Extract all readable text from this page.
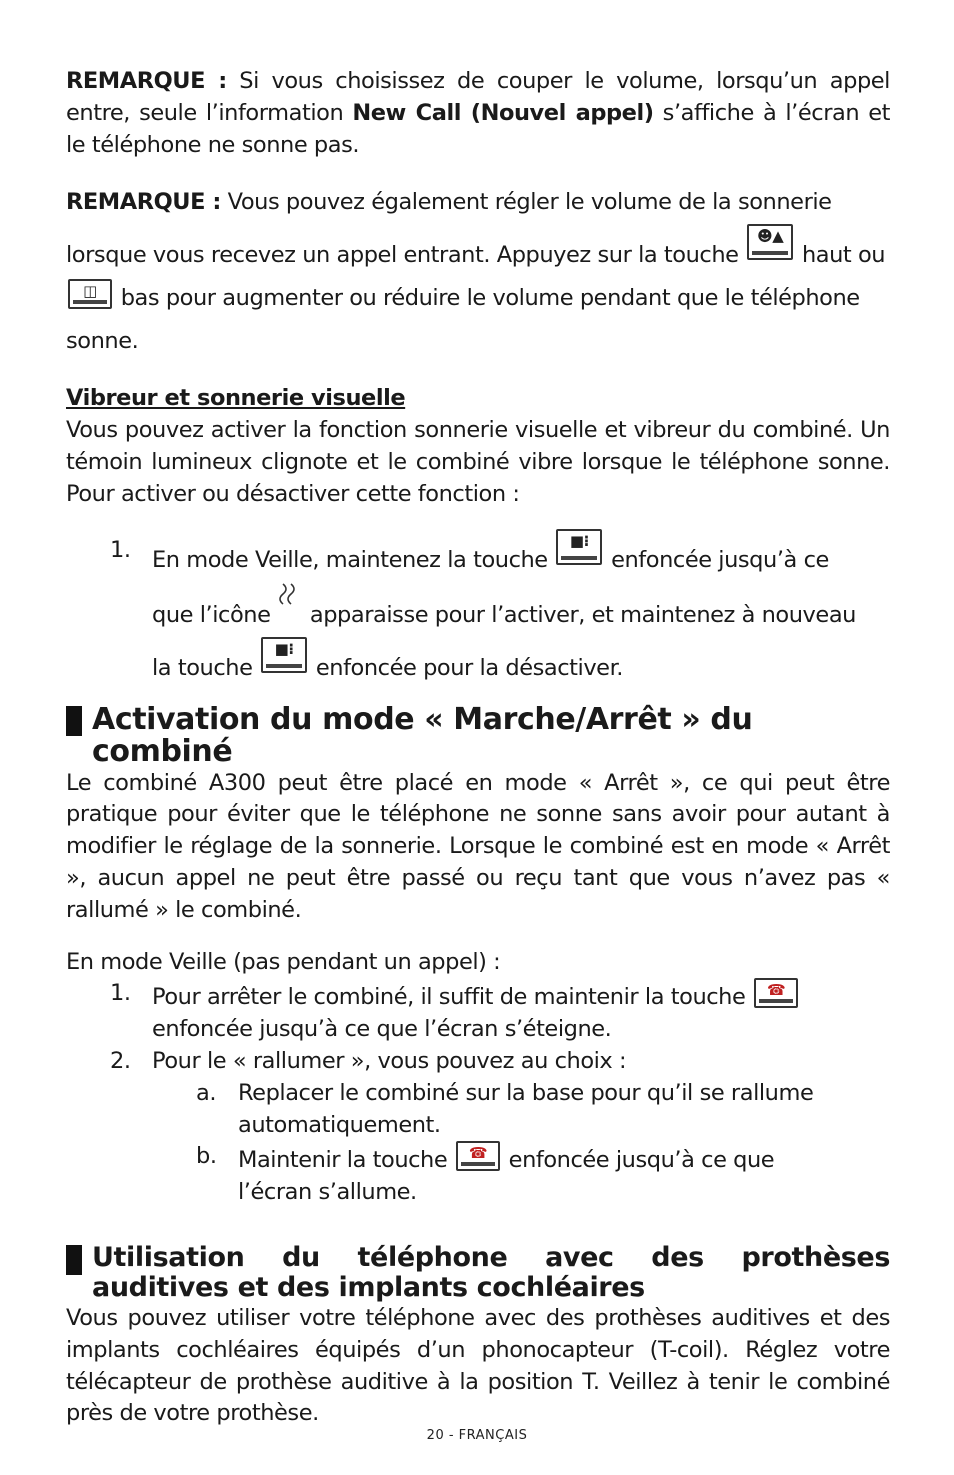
REMARQUE : Si vous choisissez de couper le volume, lorsqu’un appel entre, seule l’information New Call (Nouvel appel) s’affiche à l’écran et le téléphone ne sonne pas.

REMARQUE : Vous pouvez également régler le volume de la sonnerie lorsque vous recevez un appel entrant. Appuyez sur la touche
☻▲
haut ou
◫ bas pour augmenter ou réduire le volume pendant que le téléphone sonne.

Vibreur et sonnerie visuelle

Vous pouvez activer la fonction sonnerie visuelle et vibreur du combiné. Un témoin lumineux clignote et le combiné vibre lorsque le téléphone sonne. Pour activer ou désactiver cette fonction :

1. En mode Veille, maintenez la touche
■⁝
enfoncée jusqu’à ce que l’icône  apparaisse pour l’activer, et maintenez à nouveau la touche
■⁝
enfoncée pour la désactiver.
Activation du mode « Marche/Arrêt » du combiné

Le combiné A300 peut être placé en mode « Arrêt », ce qui peut être pratique pour éviter que le téléphone ne sonne sans avoir pour autant à modifier le réglage de la sonnerie. Lorsque le combiné est en mode « Arrêt », aucun appel ne peut être passé ou reçu tant que vous n’avez pas « rallumé » le combiné.

En mode Veille (pas pendant un appel) :

1. Pour arrêter le combiné, il suffit de maintenir la touche ☎
enfoncée jusqu’à ce que l’écran s’éteigne.
2. Pour le « rallumer », vous pouvez au choix :
a. Replacer le combiné sur la base pour qu’il se rallume automatiquement.
b. Maintenir la touche ☎ enfoncée jusqu’à ce que l’écran s’allume.
Utilisation du téléphone avec des prothèses auditives et des implants cochléaires

Vous pouvez utiliser votre téléphone avec des prothèses auditives et des implants cochléaires équipés d’un phonocapteur (T-coil). Réglez votre télécapteur de prothèse auditive à la position T. Veillez à tenir le combiné près de votre prothèse.

20 - FRANÇAIS
